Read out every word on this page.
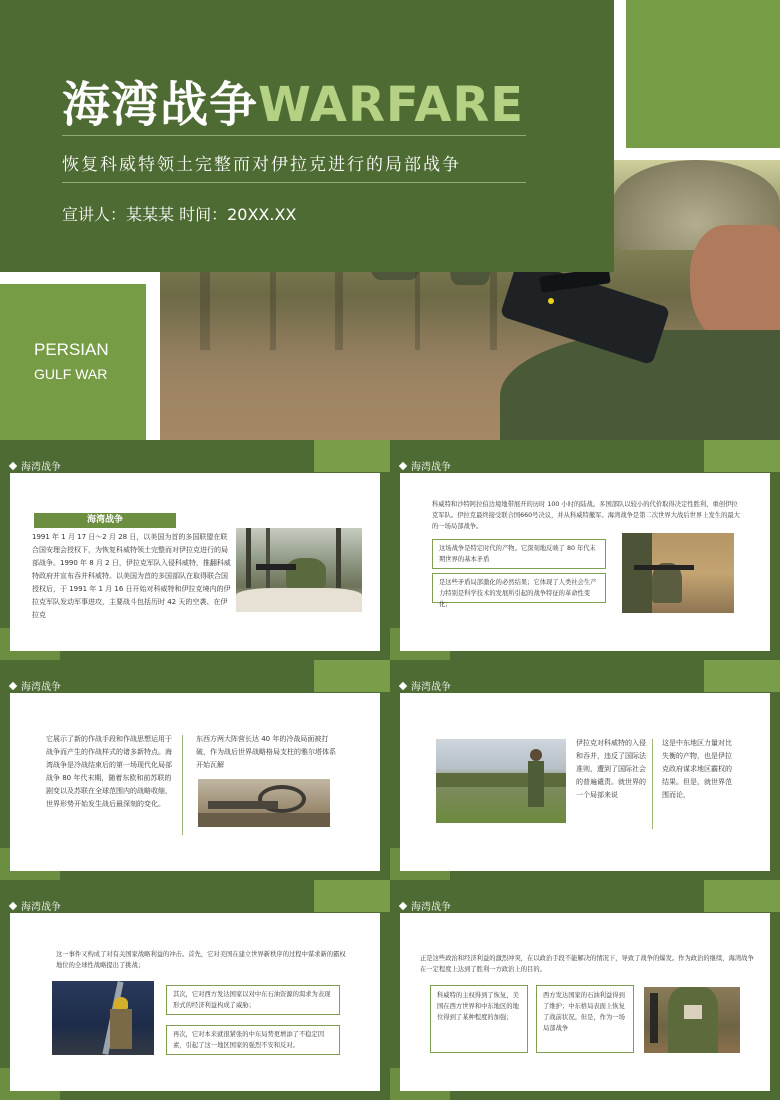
海湾战争WARFARE
恢复科威特领土完整而对伊拉克进行的局部战争
宣讲人：某某某 时间：20XX.XX
PERSIAN
GULF WAR
海湾战争
海湾战争
1991 年 1 月 17 日～2 月 28 日，以美国为首的多国联盟在联合国安理会授权下，为恢复科威特领土完整而对伊拉克进行的局部战争。1990 年 8 月 2 日，伊拉克军队入侵科威特，推翻科威特政府并宣布吞并科威特。以美国为首的多国部队在取得联合国授权后，于 1991 年 1 月 16 日开始对科威特和伊拉克境内的伊拉克军队发动军事进攻，主要战斗包括历时 42 天的空袭、在伊拉克
海湾战争
科威特和沙特阿拉伯边境地带展开的历时 100 小时的陆战。多国部队以较小的代价取得决定性胜利，重创伊拉克军队。伊拉克最终接受联合国660号决议，并从科威特撤军。海湾战争是第二次世界大战后世界上发生的最大的一场局部战争。
这场战争是特定时代的产物。它深刻地反映了 80 年代末期世界的基本矛盾
是这些矛盾局部激化的必然结果；它体现了人类社会生产力特别是科学技术的发展所引起的战争特征的革命性变化；
海湾战争
它展示了新的作战手段和作战思想运用于战争而产生的作战样式的诸多新特点。海湾战争是冷战结束后的第一场现代化局部战争 80 年代末期，随着东欧和前苏联的剧变以及苏联在全球范围内的战略收缩，世界形势开始发生战后最深刻的变化。
东西方两大阵营长达 40 年的冷战局面被打破，作为战后世界战略格局支柱的雅尔塔体系开始瓦解
海湾战争
伊拉克对科威特的入侵和吞并，违反了国际法准则，遭到了国际社会的普遍谴责。就世界的一个局部来说
这是中东地区力量对比失衡的产物，也是伊拉克政府谋求地区霸权的结果。但是，就世界范围而论，
海湾战争
这一事件又构成了对有关国家战略利益的冲击。首先，它对美国在建立世界新秩序的过程中谋求新的霸权地位的全球性战略提出了挑战；
其次，它对西方发达国家以对中东石油资源的渴求为表现形式的经济利益构成了威胁；
再次，它对本来就很紧张的中东局势更增添了不稳定因素，引起了这一地区国家的强烈不安和反对。
海湾战争
正是这些政治和经济利益的激烈冲突，在以政治手段不能解决的情况下，导致了战争的爆发。作为政治的继续，海湾战争在一定程度上达到了胜利一方政治上的目的。
科威特的主权得到了恢复，美国在西方世界和中东地区的地位得到了某种程度的加强；
西方发达国家的石油利益得到了维护；中东格局表面上恢复了战前状况。但是，作为一场局部战争
